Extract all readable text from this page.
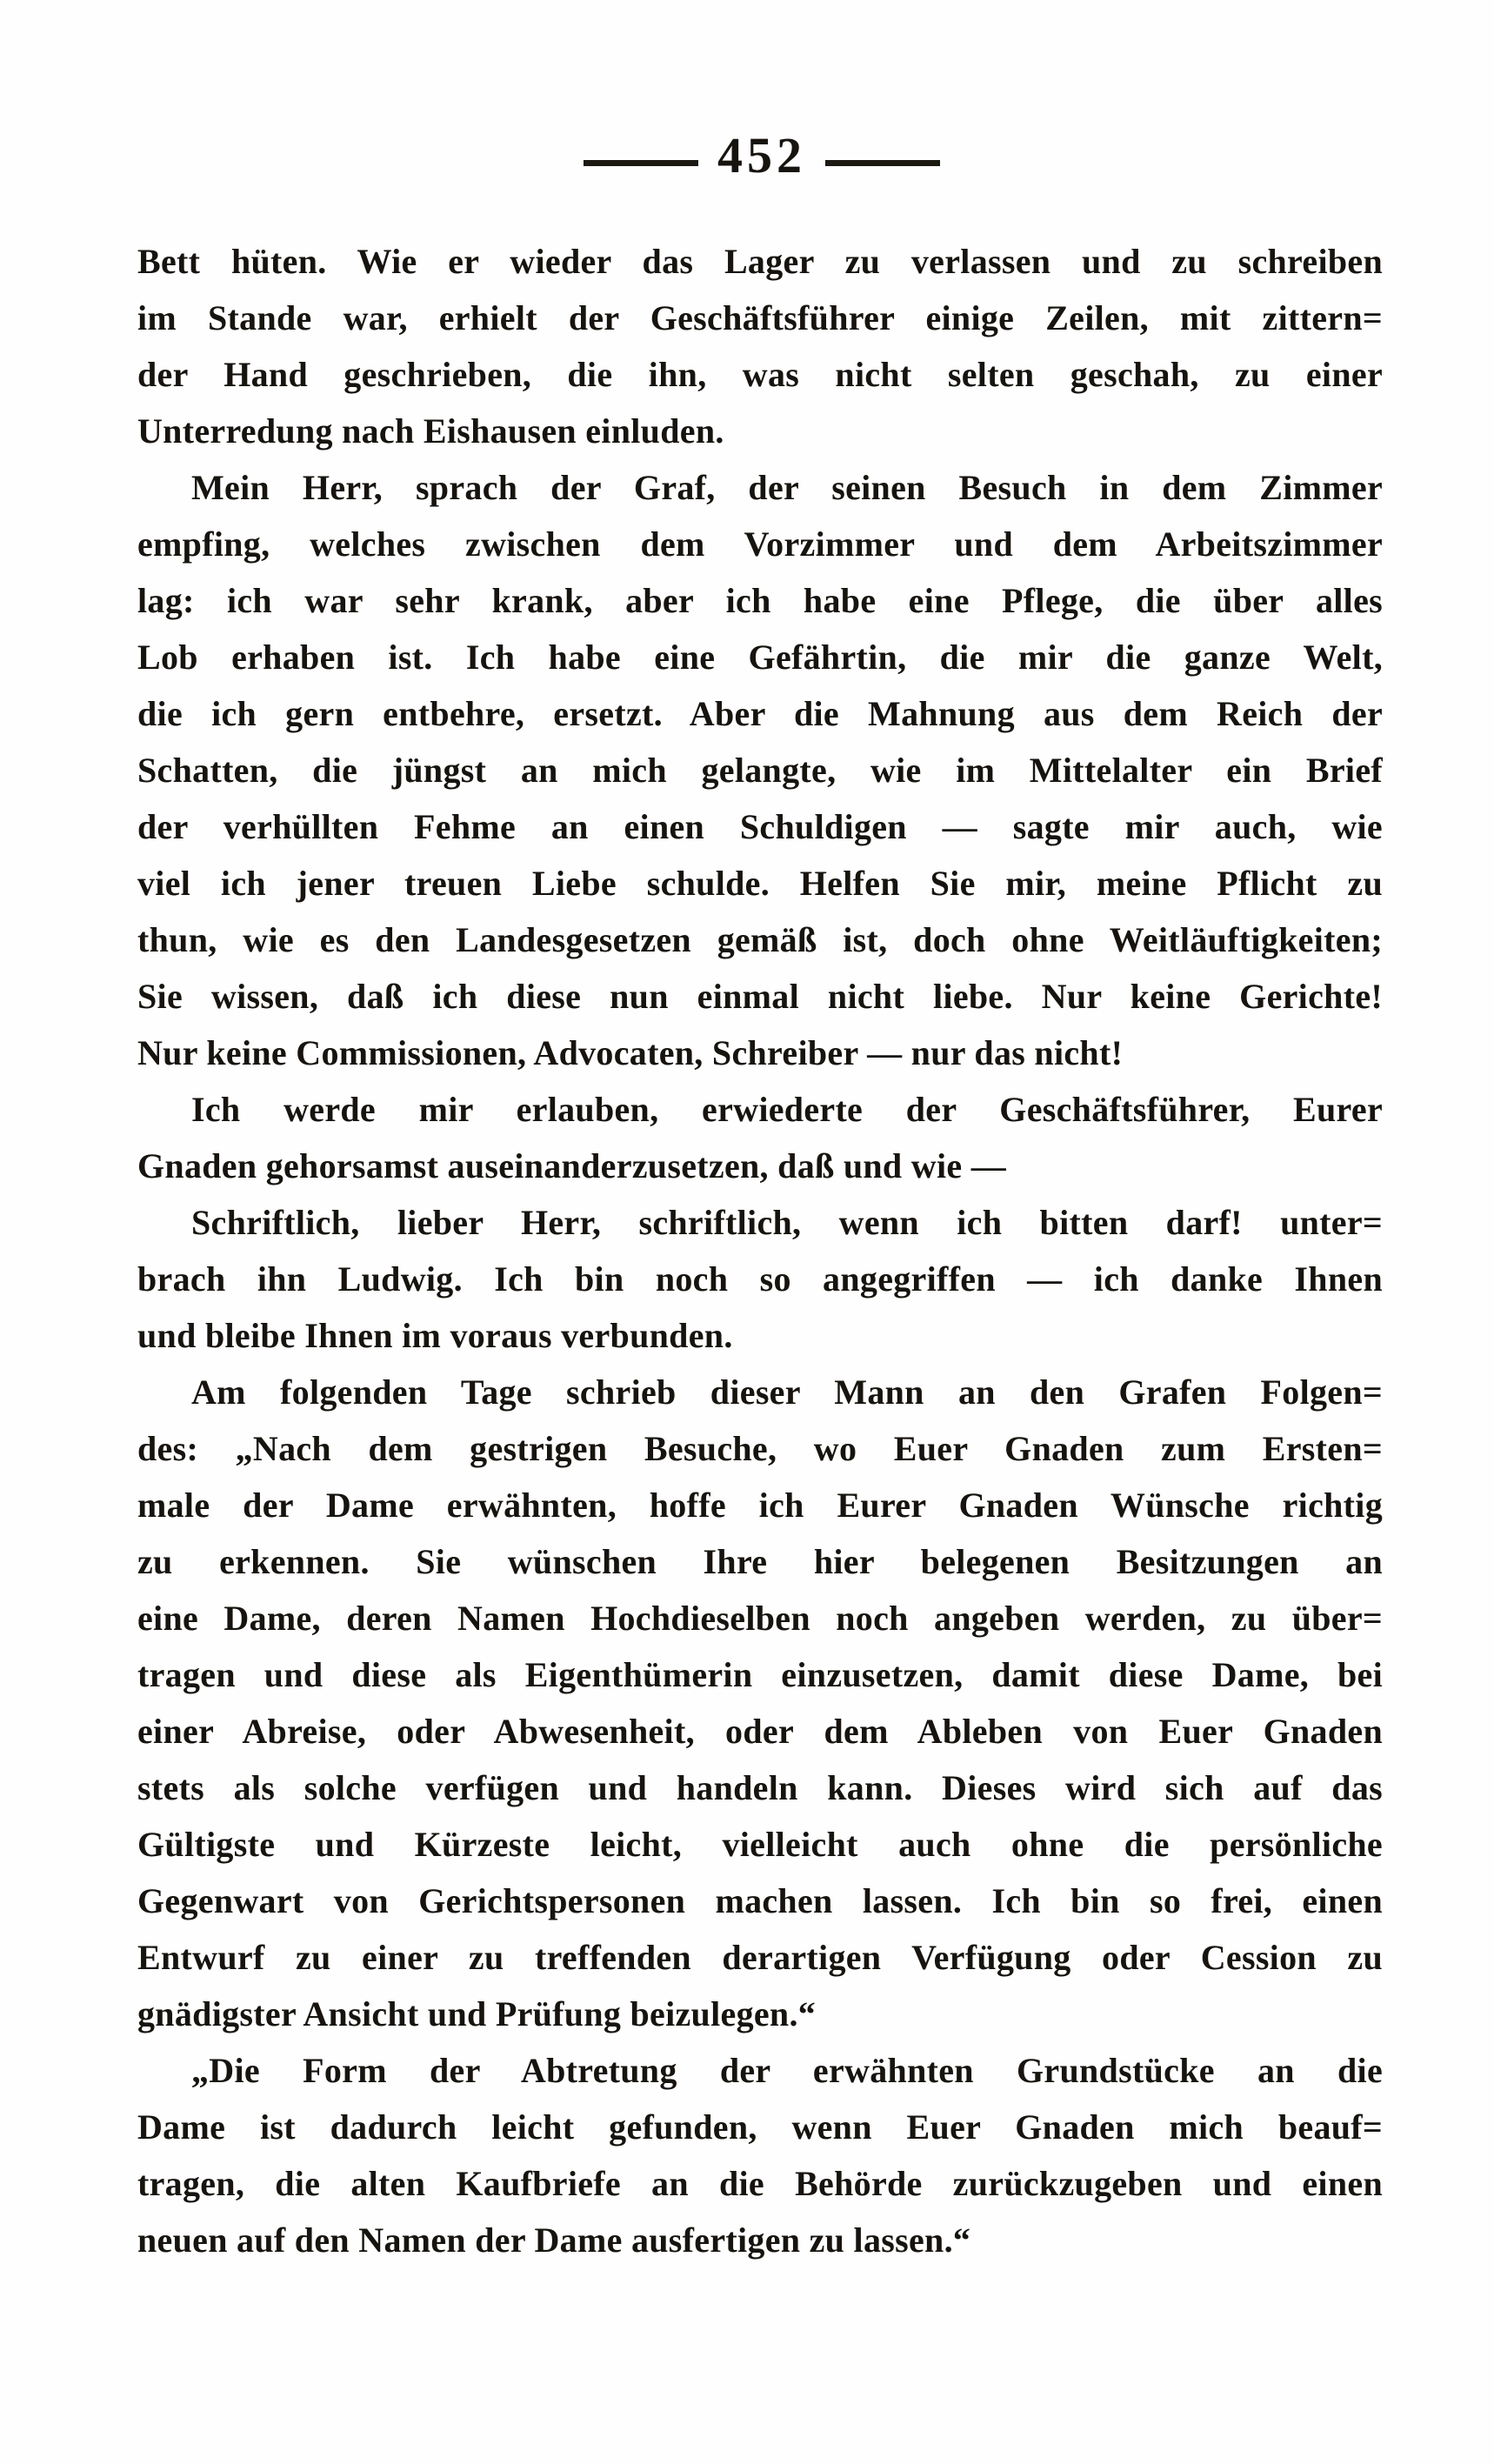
452
Bett hüten. Wie er wieder das Lager zu verlassen und zu schreiben
im Stande war, erhielt der Geschäftsführer einige Zeilen, mit zittern=
der Hand geschrieben, die ihn, was nicht selten geschah, zu einer
Unterredung nach Eishausen einluden.
Mein Herr, sprach der Graf, der seinen Besuch in dem Zimmer
empfing, welches zwischen dem Vorzimmer und dem Arbeitszimmer
lag: ich war sehr krank, aber ich habe eine Pflege, die über alles
Lob erhaben ist. Ich habe eine Gefährtin, die mir die ganze Welt,
die ich gern entbehre, ersetzt. Aber die Mahnung aus dem Reich der
Schatten, die jüngst an mich gelangte, wie im Mittelalter ein Brief
der verhüllten Fehme an einen Schuldigen — sagte mir auch, wie
viel ich jener treuen Liebe schulde. Helfen Sie mir, meine Pflicht zu
thun, wie es den Landesgesetzen gemäß ist, doch ohne Weitläuftigkeiten;
Sie wissen, daß ich diese nun einmal nicht liebe. Nur keine Gerichte!
Nur keine Commissionen, Advocaten, Schreiber — nur das nicht!
Ich werde mir erlauben, erwiederte der Geschäftsführer, Eurer
Gnaden gehorsamst auseinanderzusetzen, daß und wie —
Schriftlich, lieber Herr, schriftlich, wenn ich bitten darf! unter=
brach ihn Ludwig. Ich bin noch so angegriffen — ich danke Ihnen
und bleibe Ihnen im voraus verbunden.
Am folgenden Tage schrieb dieser Mann an den Grafen Folgen=
des: „Nach dem gestrigen Besuche, wo Euer Gnaden zum Ersten=
male der Dame erwähnten, hoffe ich Eurer Gnaden Wünsche richtig
zu erkennen. Sie wünschen Ihre hier belegenen Besitzungen an
eine Dame, deren Namen Hochdieselben noch angeben werden, zu über=
tragen und diese als Eigenthümerin einzusetzen, damit diese Dame, bei
einer Abreise, oder Abwesenheit, oder dem Ableben von Euer Gnaden
stets als solche verfügen und handeln kann. Dieses wird sich auf das
Gültigste und Kürzeste leicht, vielleicht auch ohne die persönliche
Gegenwart von Gerichtspersonen machen lassen. Ich bin so frei, einen
Entwurf zu einer zu treffenden derartigen Verfügung oder Cession zu
gnädigster Ansicht und Prüfung beizulegen.“
„Die Form der Abtretung der erwähnten Grundstücke an die
Dame ist dadurch leicht gefunden, wenn Euer Gnaden mich beauf=
tragen, die alten Kaufbriefe an die Behörde zurückzugeben und einen
neuen auf den Namen der Dame ausfertigen zu lassen.“
